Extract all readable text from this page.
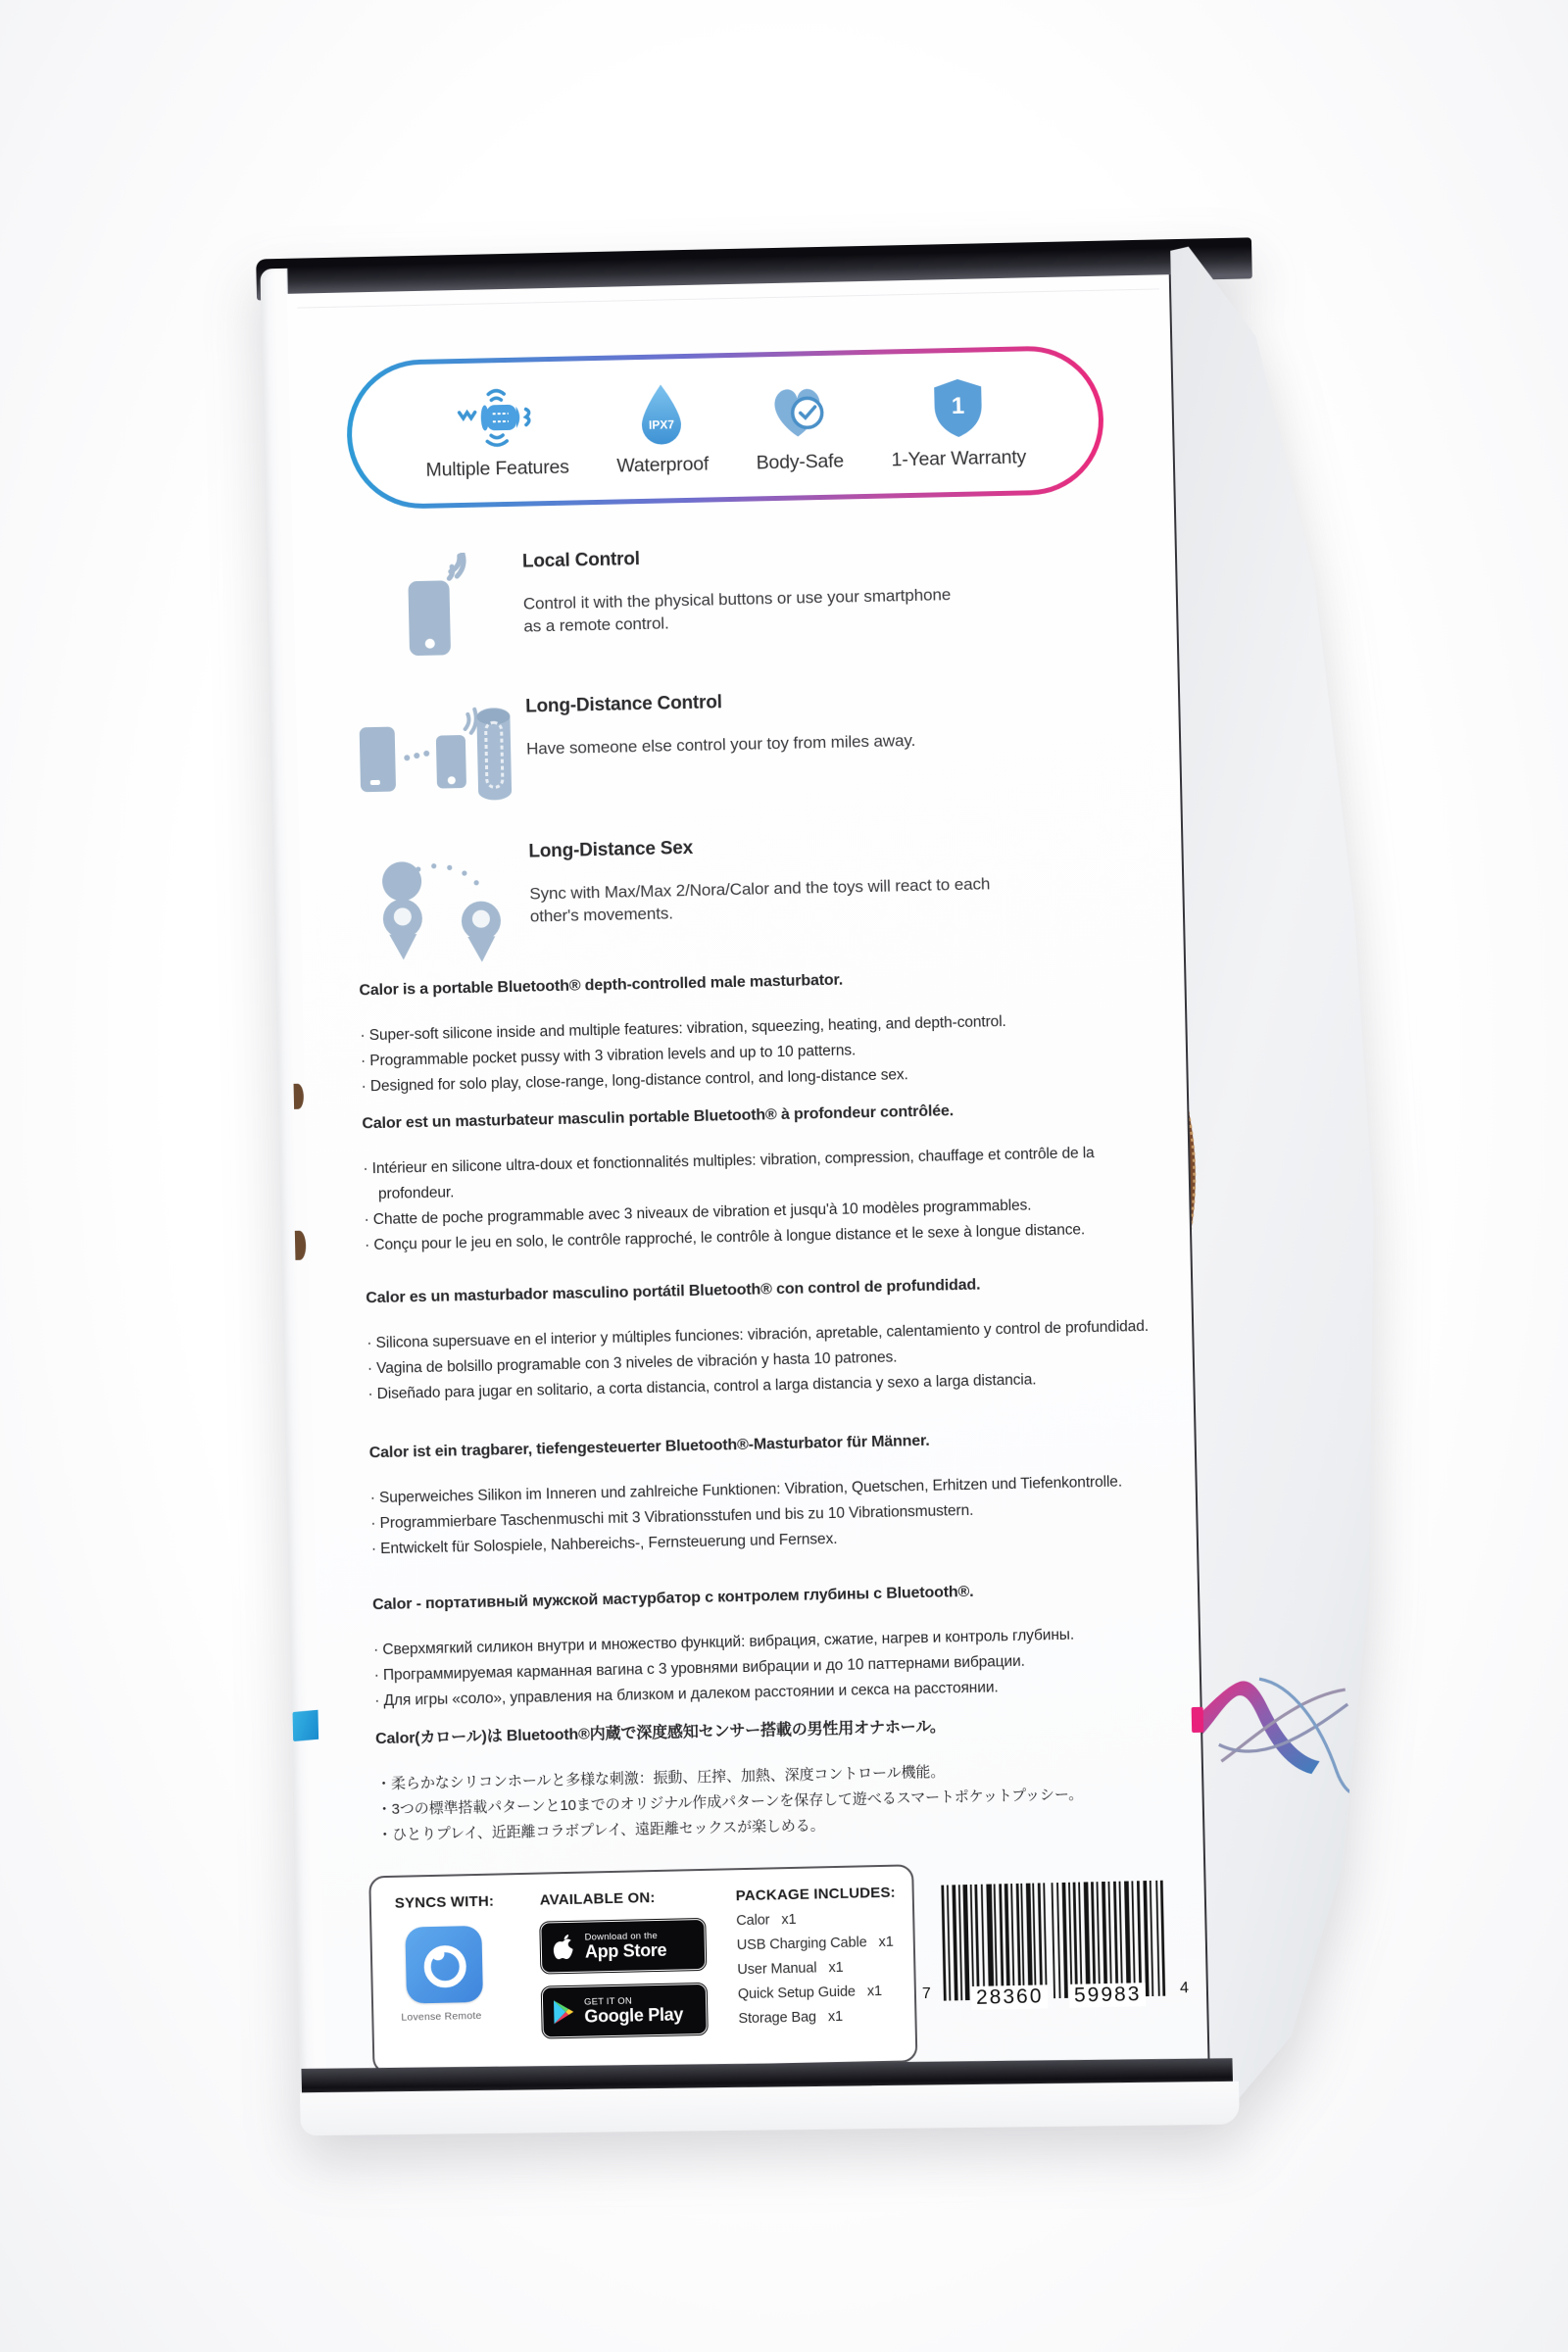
Multiple Features
IPX7
Waterproof Body-Safe
1
1-Year Warranty
Local Control

Control it with the physical buttons or use your smartphone as a remote control.

Long-Distance Control

Have someone else control your toy from miles away.

Long-Distance Sex

Sync with Max/Max 2/Nora/Calor and the toys will react to each other's movements.

Calor is a portable Bluetooth® depth-controlled male masturbator.

· Super-soft silicone inside and multiple features: vibration, squeezing, heating, and depth-control.

· Programmable pocket pussy with 3 vibration levels and up to 10 patterns.

· Designed for solo play, close-range, long-distance control, and long-distance sex.

Calor est un masturbateur masculin portable Bluetooth® à profondeur contrôlée.

· Intérieur en silicone ultra-doux et fonctionnalités multiples: vibration, compression, chauffage et contrôle de la profondeur.

· Chatte de poche programmable avec 3 niveaux de vibration et jusqu'à 10 modèles programmables.

· Conçu pour le jeu en solo, le contrôle rapproché, le contrôle à longue distance et le sexe à longue distance.

Calor es un masturbador masculino portátil Bluetooth® con control de profundidad.

· Silicona supersuave en el interior y múltiples funciones: vibración, apretable, calentamiento y control de profundidad.

· Vagina de bolsillo programable con 3 niveles de vibración y hasta 10 patrones.

· Diseñado para jugar en solitario, a corta distancia, control a larga distancia y sexo a larga distancia.

Calor ist ein tragbarer, tiefengesteuerter Bluetooth®-Masturbator für Männer.

· Superweiches Silikon im Inneren und zahlreiche Funktionen: Vibration, Quetschen, Erhitzen und Tiefenkontrolle.

· Programmierbare Taschenmuschi mit 3 Vibrationsstufen und bis zu 10 Vibrationsmustern.

· Entwickelt für Solospiele, Nahbereichs-, Fernsteuerung und Fernsex.

Calor - портативный мужской мастурбатор с контролем глубины с Bluetooth®.

· Сверхмягкий силикон внутри и множество функций: вибрация, сжатие, нагрев и контроль глубины.

· Программируемая карманная вагина с 3 уровнями вибрации и до 10 паттернами вибрации.

· Для игры «соло», управления на близком и далеком расстоянии и секса на расстоянии.

Calor(カロール)は Bluetooth®内蔵で深度感知センサー搭載の男性用オナホール。

・柔らかなシリコンホールと多様な刺激：振動、圧搾、加熱、深度コントロール機能。

・3つの標準搭載パターンと10までのオリジナル作成パターンを保存して遊べるスマートポケットプッシー。

・ひとりプレイ、近距離コラボプレイ、遠距離セックスが楽しめる。

SYNCS WITH:
Lovense Remote
AVAILABLE ON:
Download on the
App Store
GET IT ON
Google Play
PACKAGE INCLUDES:
Calor x1
USB Charging Cable x1
User Manual x1
Quick Setup Guide x1
Storage Bag x1
7 28360 59983	4
